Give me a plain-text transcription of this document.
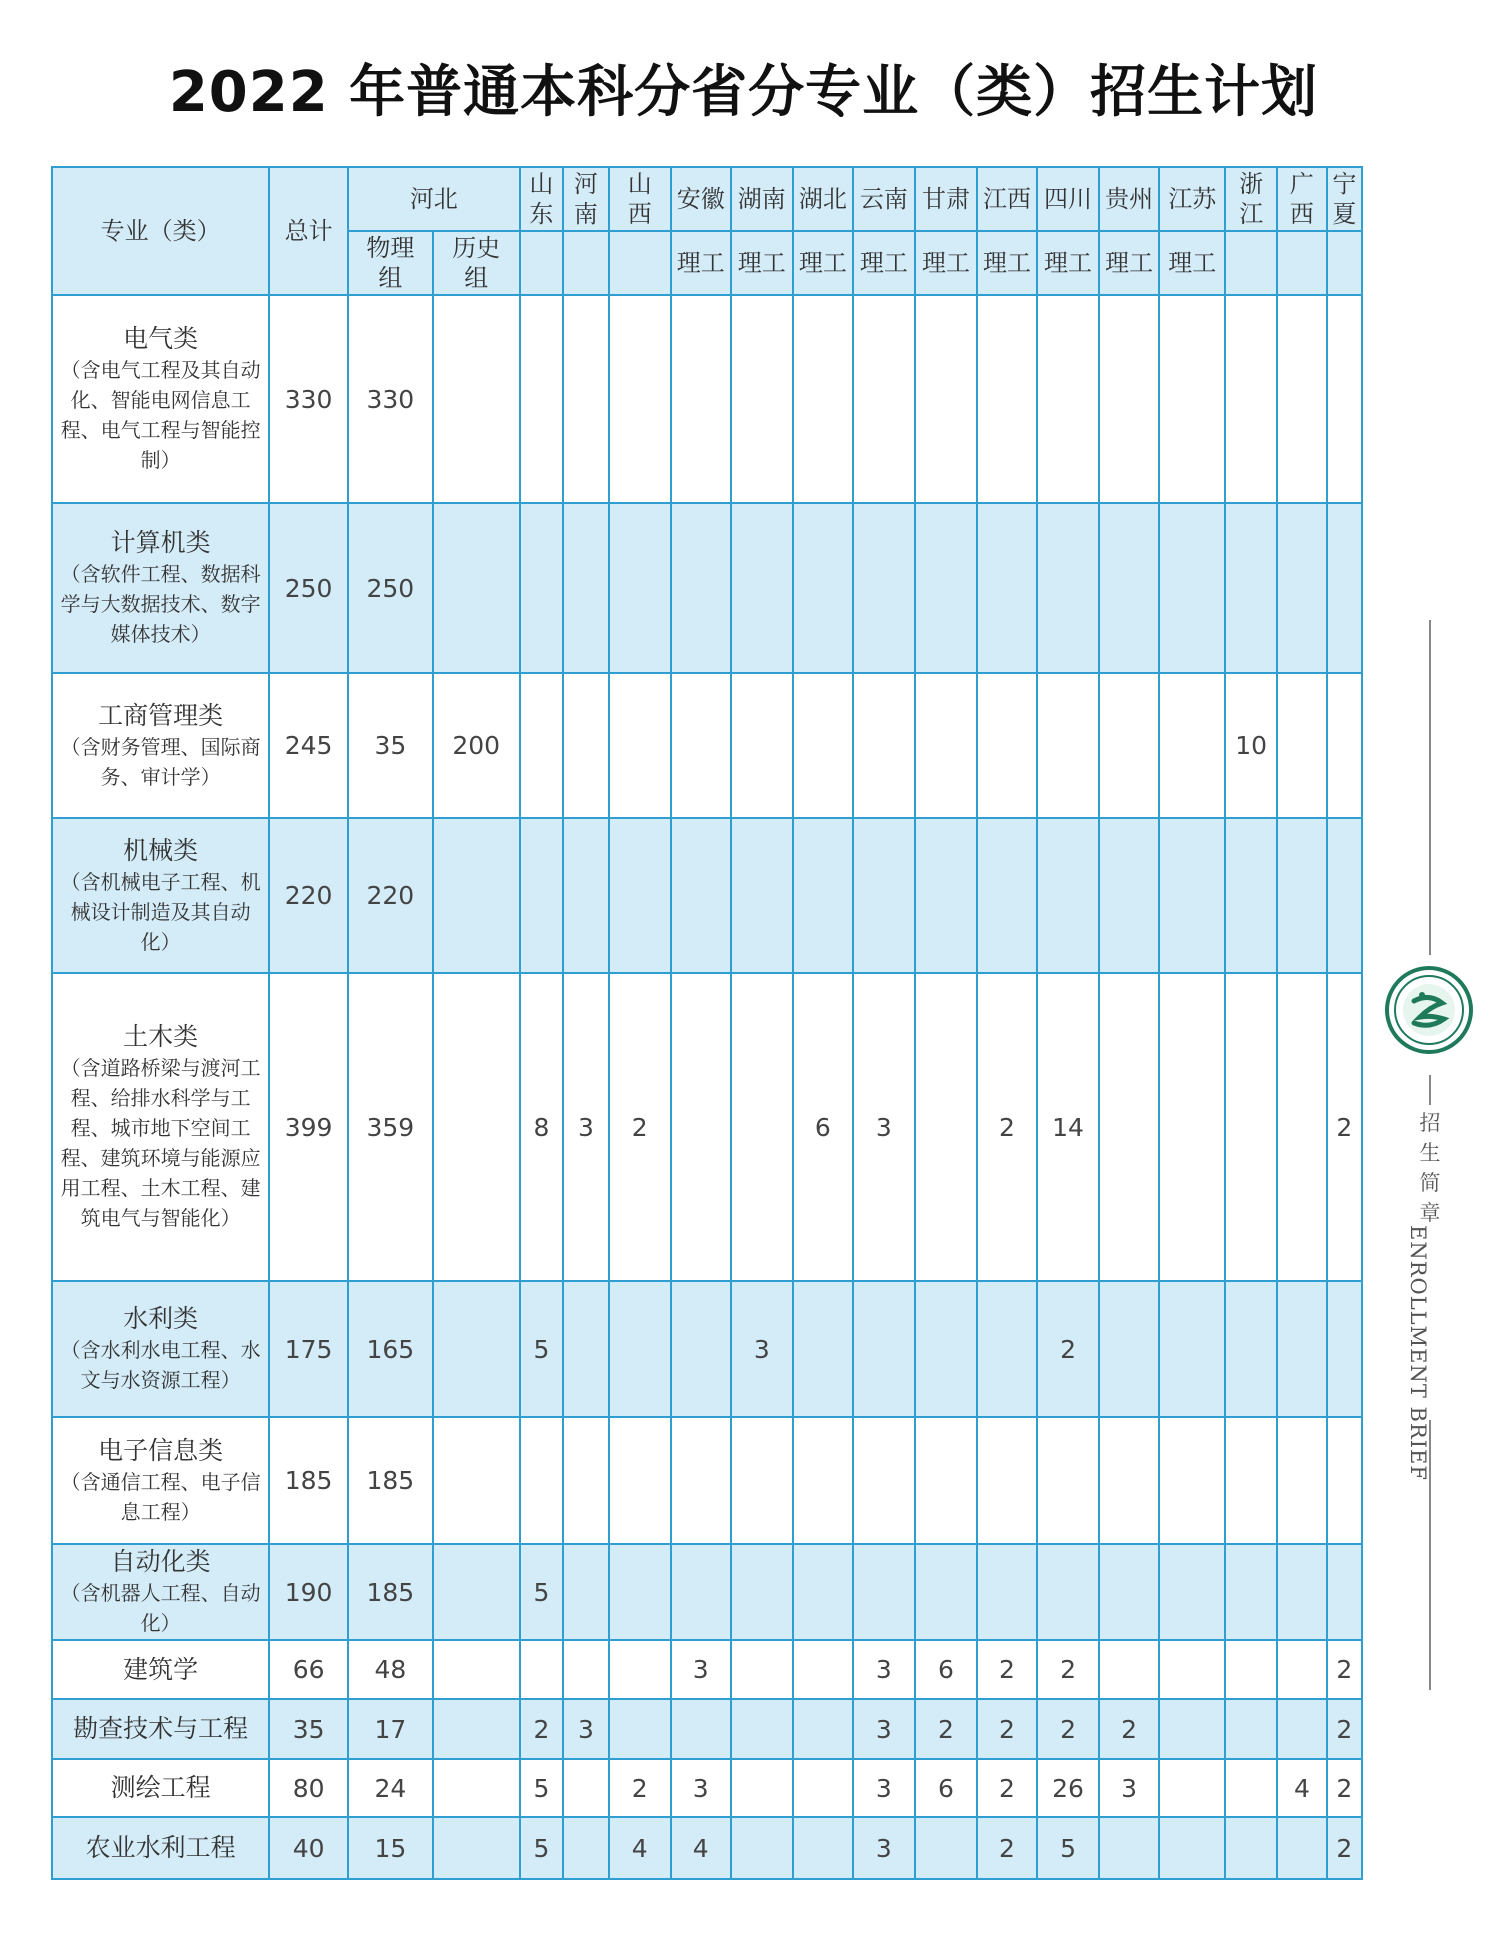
2022 年普通本科分省分专业（类）招生计划
专业（类）	总计	河北		山东	河南	山西	安徽	湖南	湖北	云南	甘肃	江西	四川	贵州	江苏	浙江	广西	宁夏
		物理组	历史组				理工	理工	理工	理工	理工	理工	理工	理工	理工			

电气类
（含电气工程及其自动化、智能电网信息工程、电气工程与智能控制）	330	330																

计算机类
（含软件工程、数据科学与大数据技术、数字媒体技术）	250	250																

工商管理类
（含财务管理、国际商务、审计学）	245	35	200													10		

机械类
（含机械电子工程、机械设计制造及其自动化）	220	220																

土木类
（含道路桥梁与渡河工程、给排水科学与工程、城市地下空间工程、建筑环境与能源应用工程、土木工程、建筑电气与智能化）	399	359		8	3	2			6	3		2	14					2

水利类
（含水利水电工程、水文与水资源工程）	175	165		5				3					2					

电子信息类
（含通信工程、电子信息工程）	185	185																

自动化类
（含机器人工程、自动化）	190	185		5														

建筑学	66	48					3			3	6	2	2					2

勘查技术与工程	35	17		2	3					3	2	2	2	2				2

测绘工程	80	24		5		2	3			3	6	2	26	3			4	2

农业水利工程	40	15		5		4	4			3		2	5					2
招生简章
ENROLLMENT BRIEF
